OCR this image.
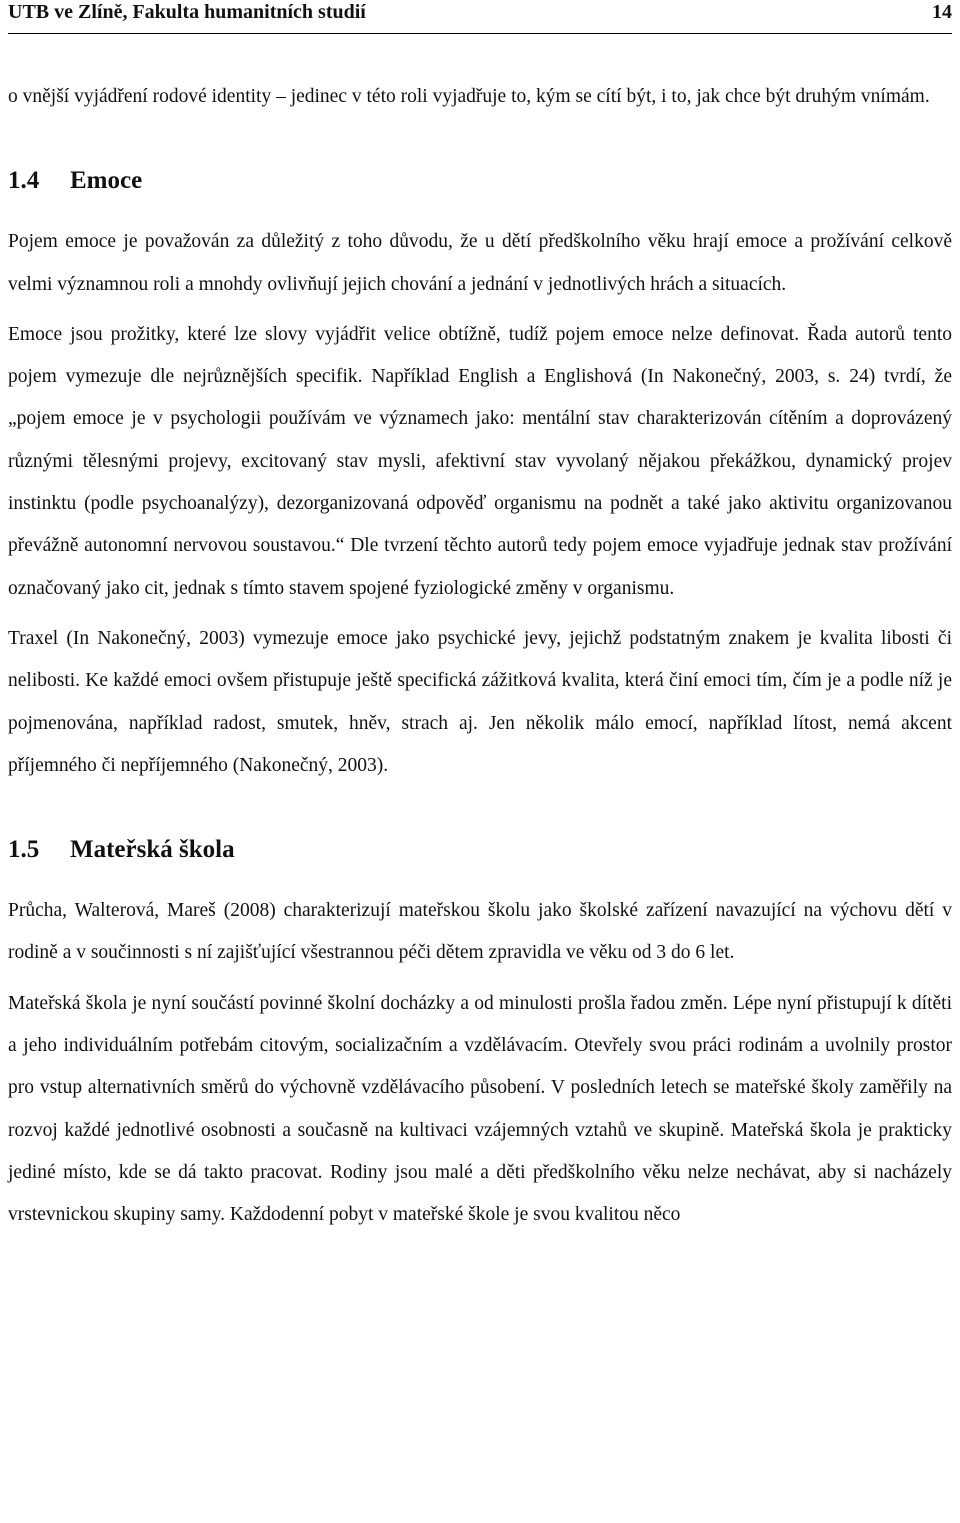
UTB ve Zlíně, Fakulta humanitních studií	14

o vnější vyjádření rodové identity – jedinec v této roli vyjadřuje to, kým se cítí být, i to, jak chce být druhým vnímám.

1.4 Emoce

Pojem emoce je považován za důležitý z toho důvodu, že u dětí předškolního věku hrají emoce a prožívání celkově velmi významnou roli a mnohdy ovlivňují jejich chování a jednání v jednotlivých hrách a situacích.

Emoce jsou prožitky, které lze slovy vyjádřit velice obtížně, tudíž pojem emoce nelze definovat. Řada autorů tento pojem vymezuje dle nejrůznějších specifik. Například English a Englishová (In Nakonečný, 2003, s. 24) tvrdí, že „pojem emoce je v psychologii používám ve významech jako: mentální stav charakterizován cítěním a doprovázený různými tělesnými projevy, excitovaný stav mysli, afektivní stav vyvolaný nějakou překážkou, dynamický projev instinktu (podle psychoanalýzy), dezorganizovaná odpověď organismu na podnět a také jako aktivitu organizovanou převážně autonomní nervovou soustavou.“ Dle tvrzení těchto autorů tedy pojem emoce vyjadřuje jednak stav prožívání označovaný jako cit, jednak s tímto stavem spojené fyziologické změny v organismu.

Traxel (In Nakonečný, 2003) vymezuje emoce jako psychické jevy, jejichž podstatným znakem je kvalita libosti či nelibosti. Ke každé emoci ovšem přistupuje ještě specifická zážitková kvalita, která činí emoci tím, čím je a podle níž je pojmenována, například radost, smutek, hněv, strach aj. Jen několik málo emocí, například lítost, nemá akcent příjemného či nepříjemného (Nakonečný, 2003).

1.5 Mateřská škola

Průcha, Walterová, Mareš (2008) charakterizují mateřskou školu jako školské zařízení navazující na výchovu dětí v rodině a v součinnosti s ní zajišťující všestrannou péči dětem zpravidla ve věku od 3 do 6 let.

Mateřská škola je nyní součástí povinné školní docházky a od minulosti prošla řadou změn. Lépe nyní přistupují k dítěti a jeho individuálním potřebám citovým, socializačním a vzdělávacím. Otevřely svou práci rodinám a uvolnily prostor pro vstup alternativních směrů do výchovně vzdělávacího působení. V posledních letech se mateřské školy zaměřily na rozvoj každé jednotlivé osobnosti a současně na kultivaci vzájemných vztahů ve skupině. Mateřská škola je prakticky jediné místo, kde se dá takto pracovat. Rodiny jsou malé a děti předškolního věku nelze nechávat, aby si nacházely vrstevnickou skupiny samy. Každodenní pobyt v mateřské škole je svou kvalitou něco
